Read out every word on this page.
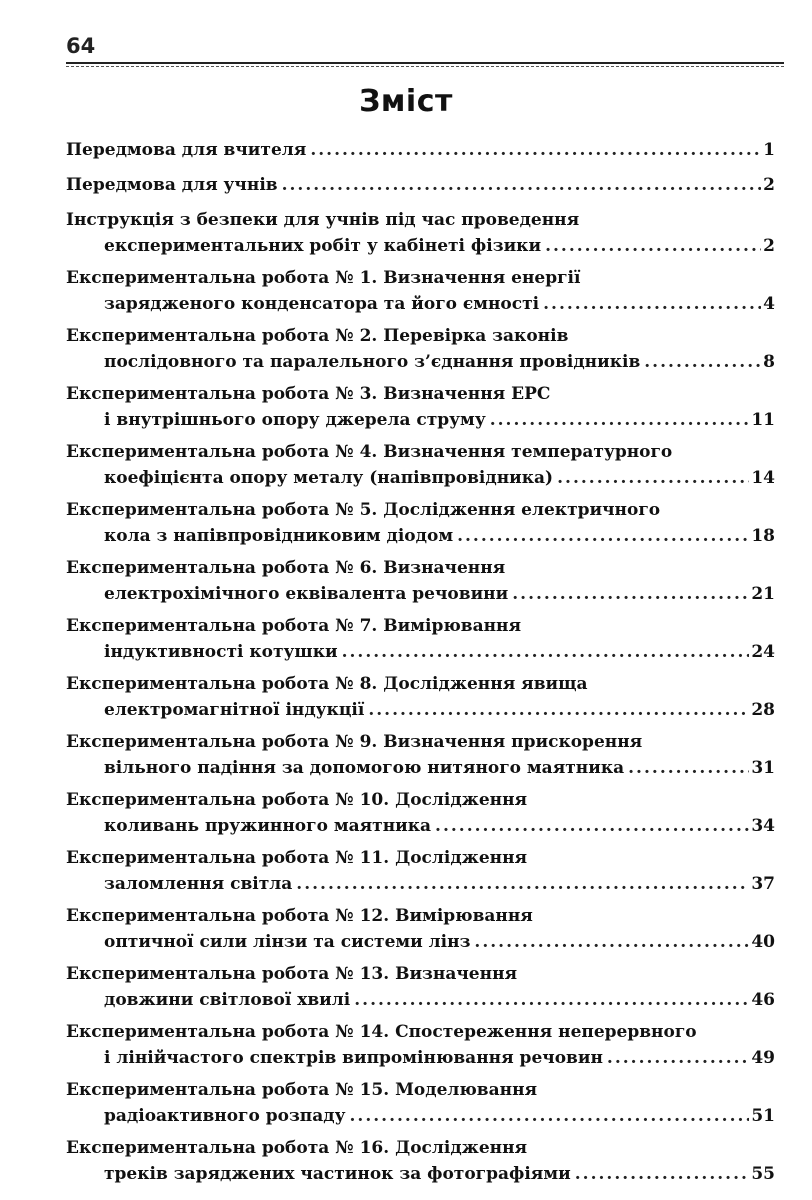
64
Зміст
Передмова для вчителя .....	1
Передмова для учнів .....	2
Інструкція з безпеки для учнів під час проведення
експериментальних робіт у кабінеті фізики .....	2
Експериментальна робота № 1. Визначення енергії
зарядженого конденсатора та його ємності .....	4
Експериментальна робота № 2. Перевірка законів
послідовного та паралельного з’єднання провідників .....	8
Експериментальна робота № 3. Визначення ЕРС
і внутрішнього опору джерела струму .....	11
Експериментальна робота № 4. Визначення температурного
коефіцієнта опору металу (напівпровідника) .....	14
Експериментальна робота № 5. Дослідження електричного
кола з напівпровідниковим діодом .....	18
Експериментальна робота № 6. Визначення
електрохімічного еквівалента речовини .....	21
Експериментальна робота № 7. Вимірювання
індуктивності котушки .....	24
Експериментальна робота № 8. Дослідження явища
електромагнітної індукції .....	28
Експериментальна робота № 9. Визначення прискорення
вільного падіння за допомогою нитяного маятника .....	31
Експериментальна робота № 10. Дослідження
коливань пружинного маятника .....	34
Експериментальна робота № 11. Дослідження
заломлення світла .....	37
Експериментальна робота № 12. Вимірювання
оптичної сили лінзи та системи лінз .....	40
Експериментальна робота № 13. Визначення
довжини світлової хвилі .....	46
Експериментальна робота № 14. Спостереження неперервного
і лінійчастого спектрів випромінювання речовин .....	49
Експериментальна робота № 15. Моделювання
радіоактивного розпаду .....	51
Експериментальна робота № 16. Дослідження
треків заряджених частинок за фотографіями .....	55
